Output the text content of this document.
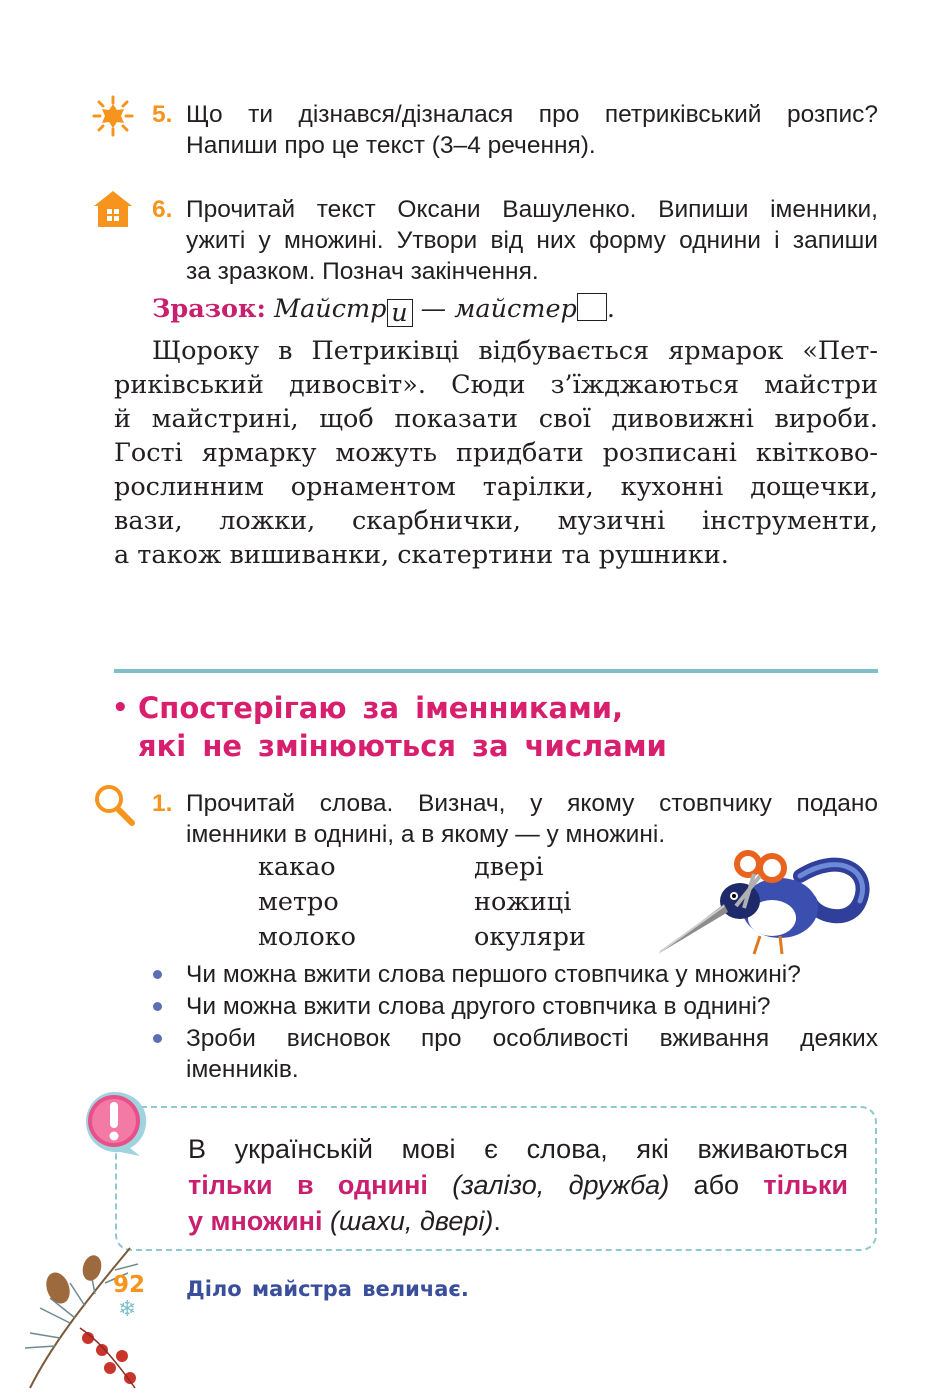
5. Що ти дізнався/дізналася про петриківський розпис?
Напиши про це текст (3–4 речення).
6. Прочитай текст Оксани Вашуленко. Випиши іменники,
ужиті у множині. Утвори від них форму однини і запиши
за зразком. Познач закінчення.
Зразок: Майстр и — майстер .
Щороку в Петриківці відбувається ярмарок «Пет-
риківський дивосвіт». Сюди з’їжджаються майстри
й майстрині, щоб показати свої дивовижні вироби.
Гості ярмарку можуть придбати розписані квітково-
рослинним орнаментом тарілки, кухонні дощечки,
вази, ложки, скарбнички, музичні інструменти,
а також вишиванки, скатертини та рушники.
• Спостерігаю за іменниками,
які не змінюються за числами
1. Прочитай слова. Визнач, у якому стовпчику подано
іменники в однині, а в якому — у множині.
какао
метро
молоко
двері
ножиці
окуляри
Чи можна вжити слова першого стовпчика у множині?
Чи можна вжити слова другого стовпчика в однині?
Зроби висновок про особливості вживання деяких
іменників.
В українській мові є слова, які вживаються
тільки в однині (залізо, дружба) або тільки
у множині (шахи, двері).
92
❄
Діло майстра величає.
